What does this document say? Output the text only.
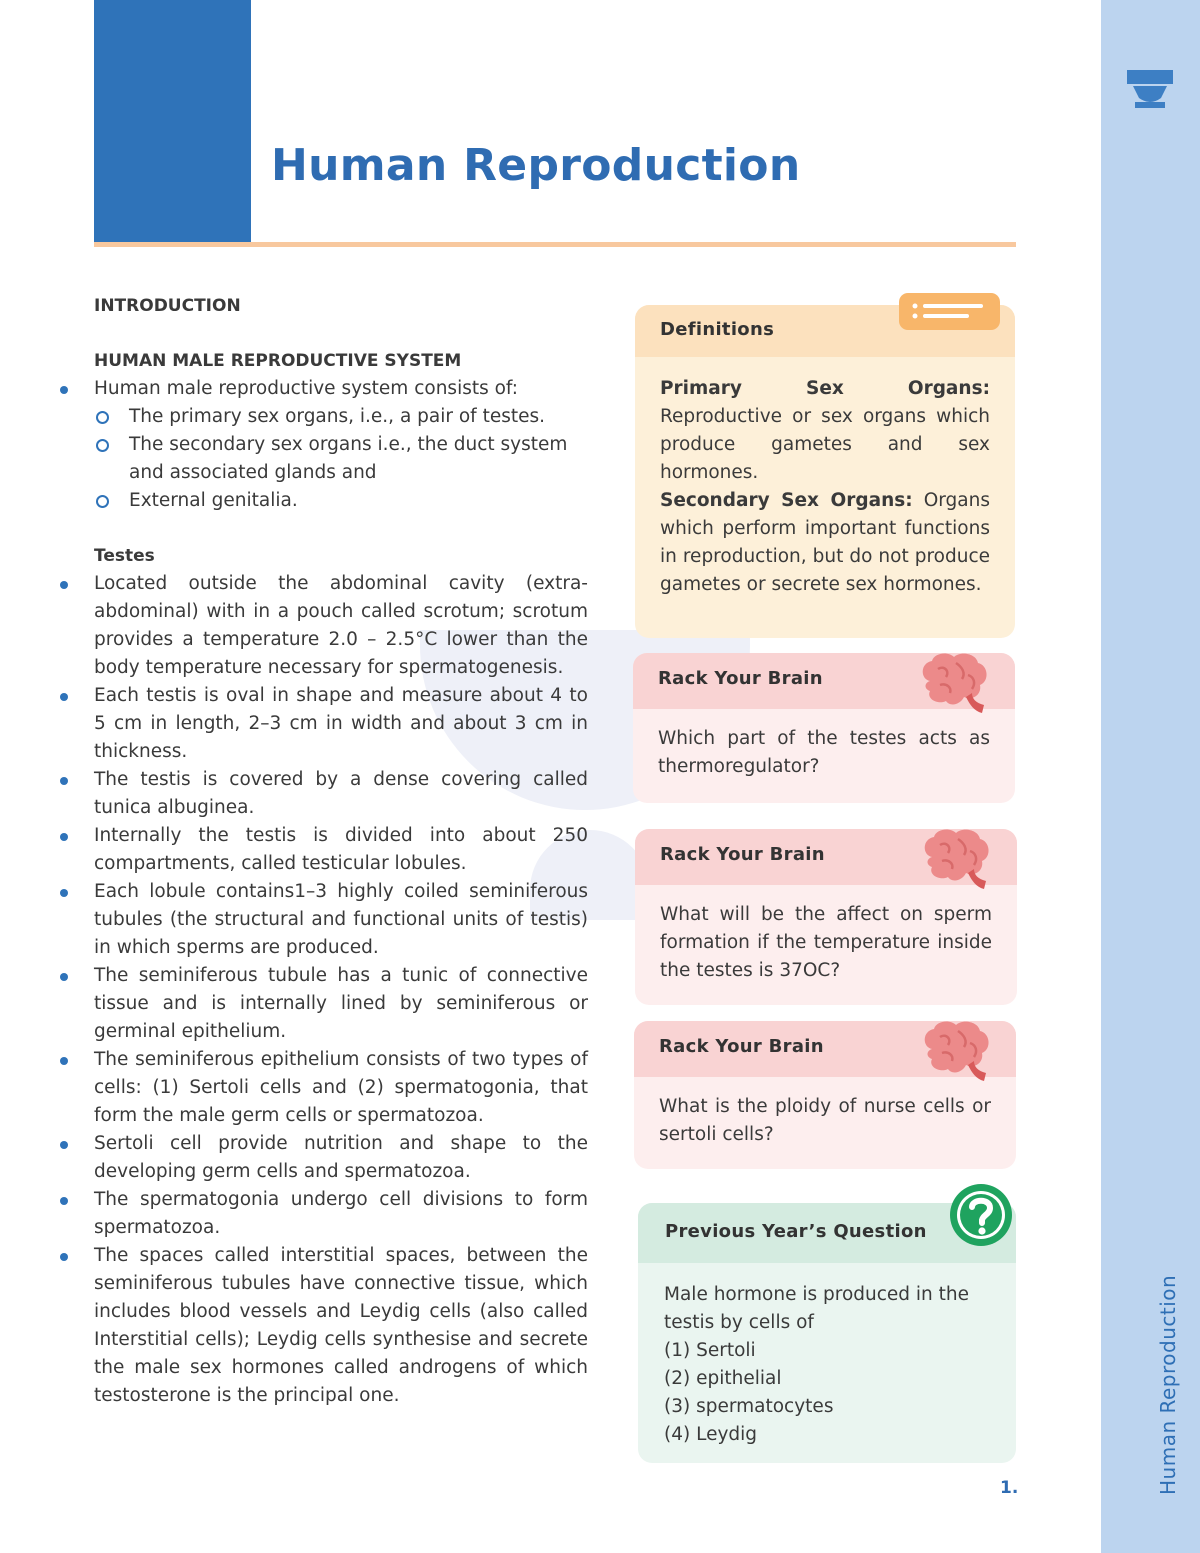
Human Reproduction
Human Reproduction

INTRODUCTION

HUMAN MALE REPRODUCTIVE SYSTEM

Human male reproductive system consists of:
The primary sex organs, i.e., a pair of testes.
The secondary sex organs i.e., the duct system and associated glands and
External genitalia.

Testes

Located outside the abdominal cavity (extra-abdominal) with in a pouch called scrotum; scrotum provides a temperature 2.0 – 2.5°C lower than the body temperature necessary for spermatogenesis.
Each testis is oval in shape and measure about 4 to 5 cm in length, 2–3 cm in width and about 3 cm in thickness.
The testis is covered by a dense covering called tunica albuginea.
Internally the testis is divided into about 250 compartments, called testicular lobules.
Each lobule contains1–3 highly coiled seminiferous tubules (the structural and functional units of testis) in which sperms are produced.
The seminiferous tubule has a tunic of connective tissue and is internally lined by seminiferous or germinal epithelium.
The seminiferous epithelium consists of two types of cells: (1) Sertoli cells and (2) spermatogonia, that form the male germ cells or spermatozoa.
Sertoli cell provide nutrition and shape to the developing germ cells and spermatozoa.
The spermatogonia undergo cell divisions to form spermatozoa.
The spaces called interstitial spaces, between the seminiferous tubules have connective tissue, which includes blood vessels and Leydig cells (also called Interstitial cells); Leydig cells synthesise and secrete the male sex hormones called androgens of which testosterone is the principal one.
Definitions
Primary Sex Organs: Reproductive or sex organs which produce gametes and sex hormones.
Secondary Sex Organs: Organs which perform important functions in reproduction, but do not produce gametes or secrete sex hormones.
Rack Your Brain
Which part of the testes acts as thermoregulator?
Rack Your Brain
What will be the affect on sperm formation if the temperature inside the testes is 37OC?
Rack Your Brain
What is the ploidy of nurse cells or sertoli cells?
Previous Year’s Question
Male hormone is produced in the testis by cells of
(1) Sertoli
(2) epithelial
(3) spermatocytes
(4) Leydig
1.
